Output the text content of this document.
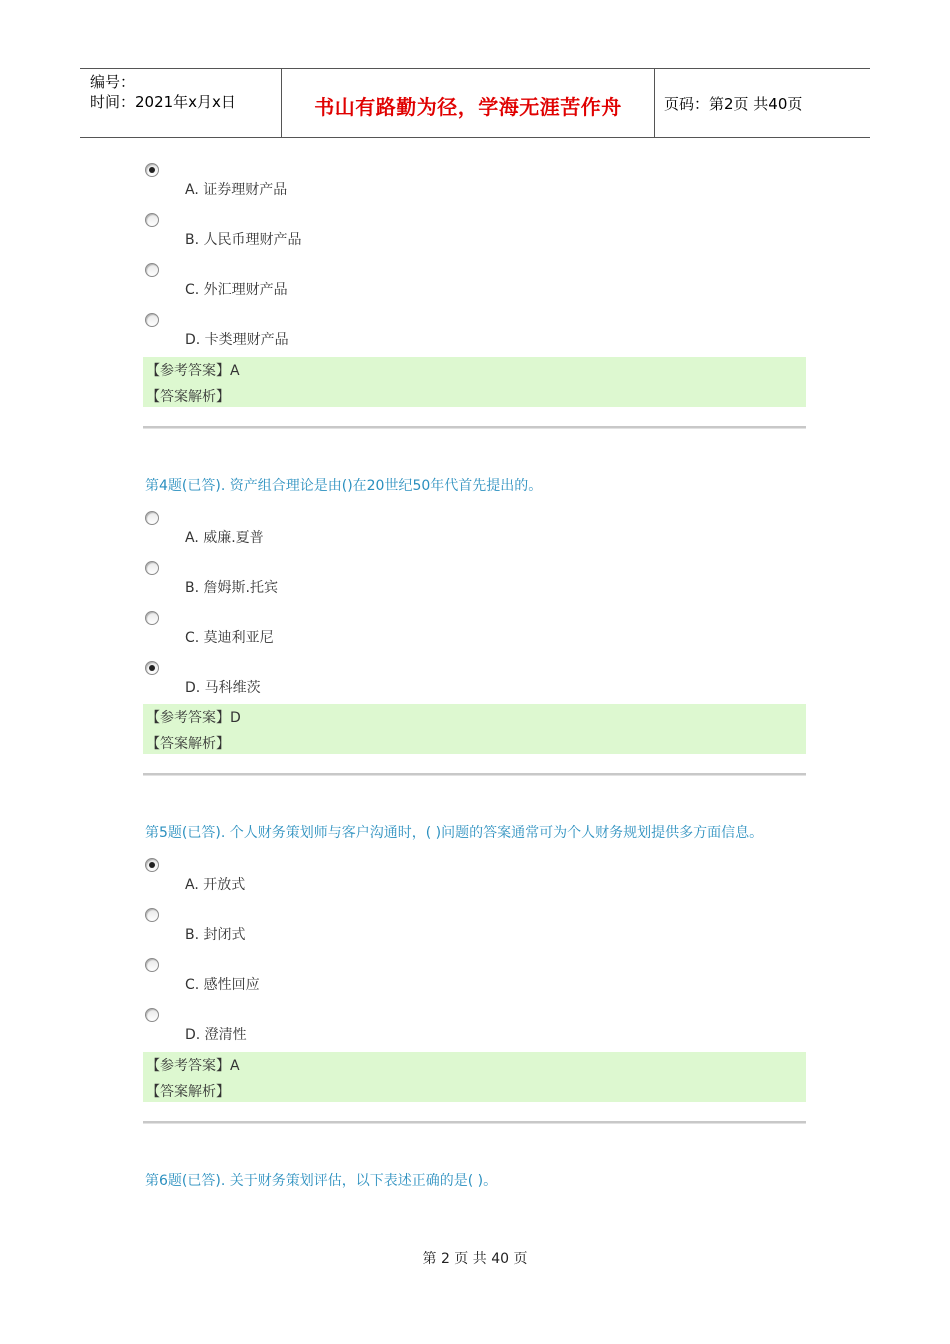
编号：
时间：2021年x月x日	书山有路勤为径，学海无涯苦作舟	页码：第2页 共40页
A. 证券理财产品
B. 人民币理财产品
C. 外汇理财产品
D. 卡类理财产品
【参考答案】A
【答案解析】
第4题(已答). 资产组合理论是由()在20世纪50年代首先提出的。
A. 威廉.夏普
B. 詹姆斯.托宾
C. 莫迪利亚尼
D. 马科维茨
【参考答案】D
【答案解析】
第5题(已答). 个人财务策划师与客户沟通时，( )问题的答案通常可为个人财务规划提供多方面信息。
A. 开放式
B. 封闭式
C. 感性回应
D. 澄清性
【参考答案】A
【答案解析】
第6题(已答). 关于财务策划评估，以下表述正确的是( )。
第 2 页 共 40 页
